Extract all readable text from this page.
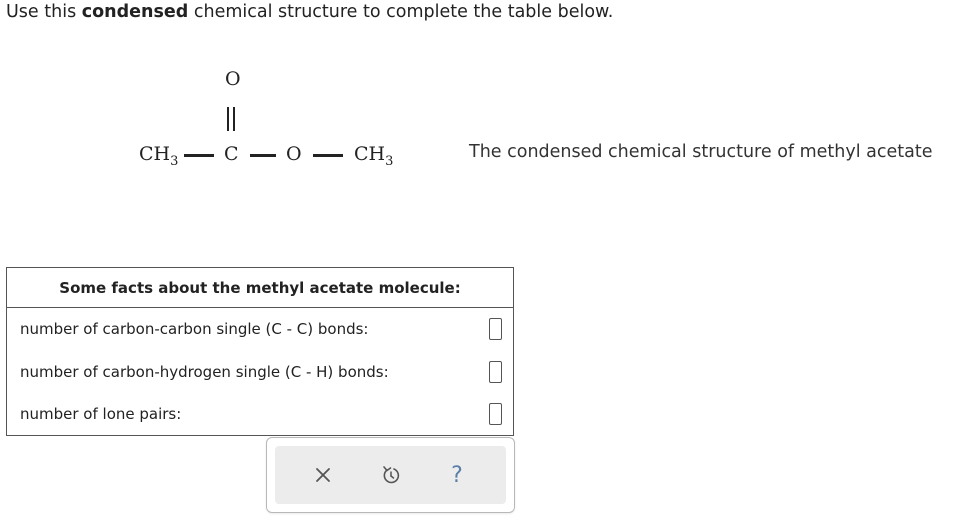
Use this condensed chemical structure to complete the table below.
O
$CH_3$ C O	$CH_3$	The condensed chemical structure of methyl acetate
Some facts about the methyl acetate molecule:
number of carbon-carbon single (C - C) bonds:
number of carbon-hydrogen single (C - H) bonds:
number of lone pairs:
?
